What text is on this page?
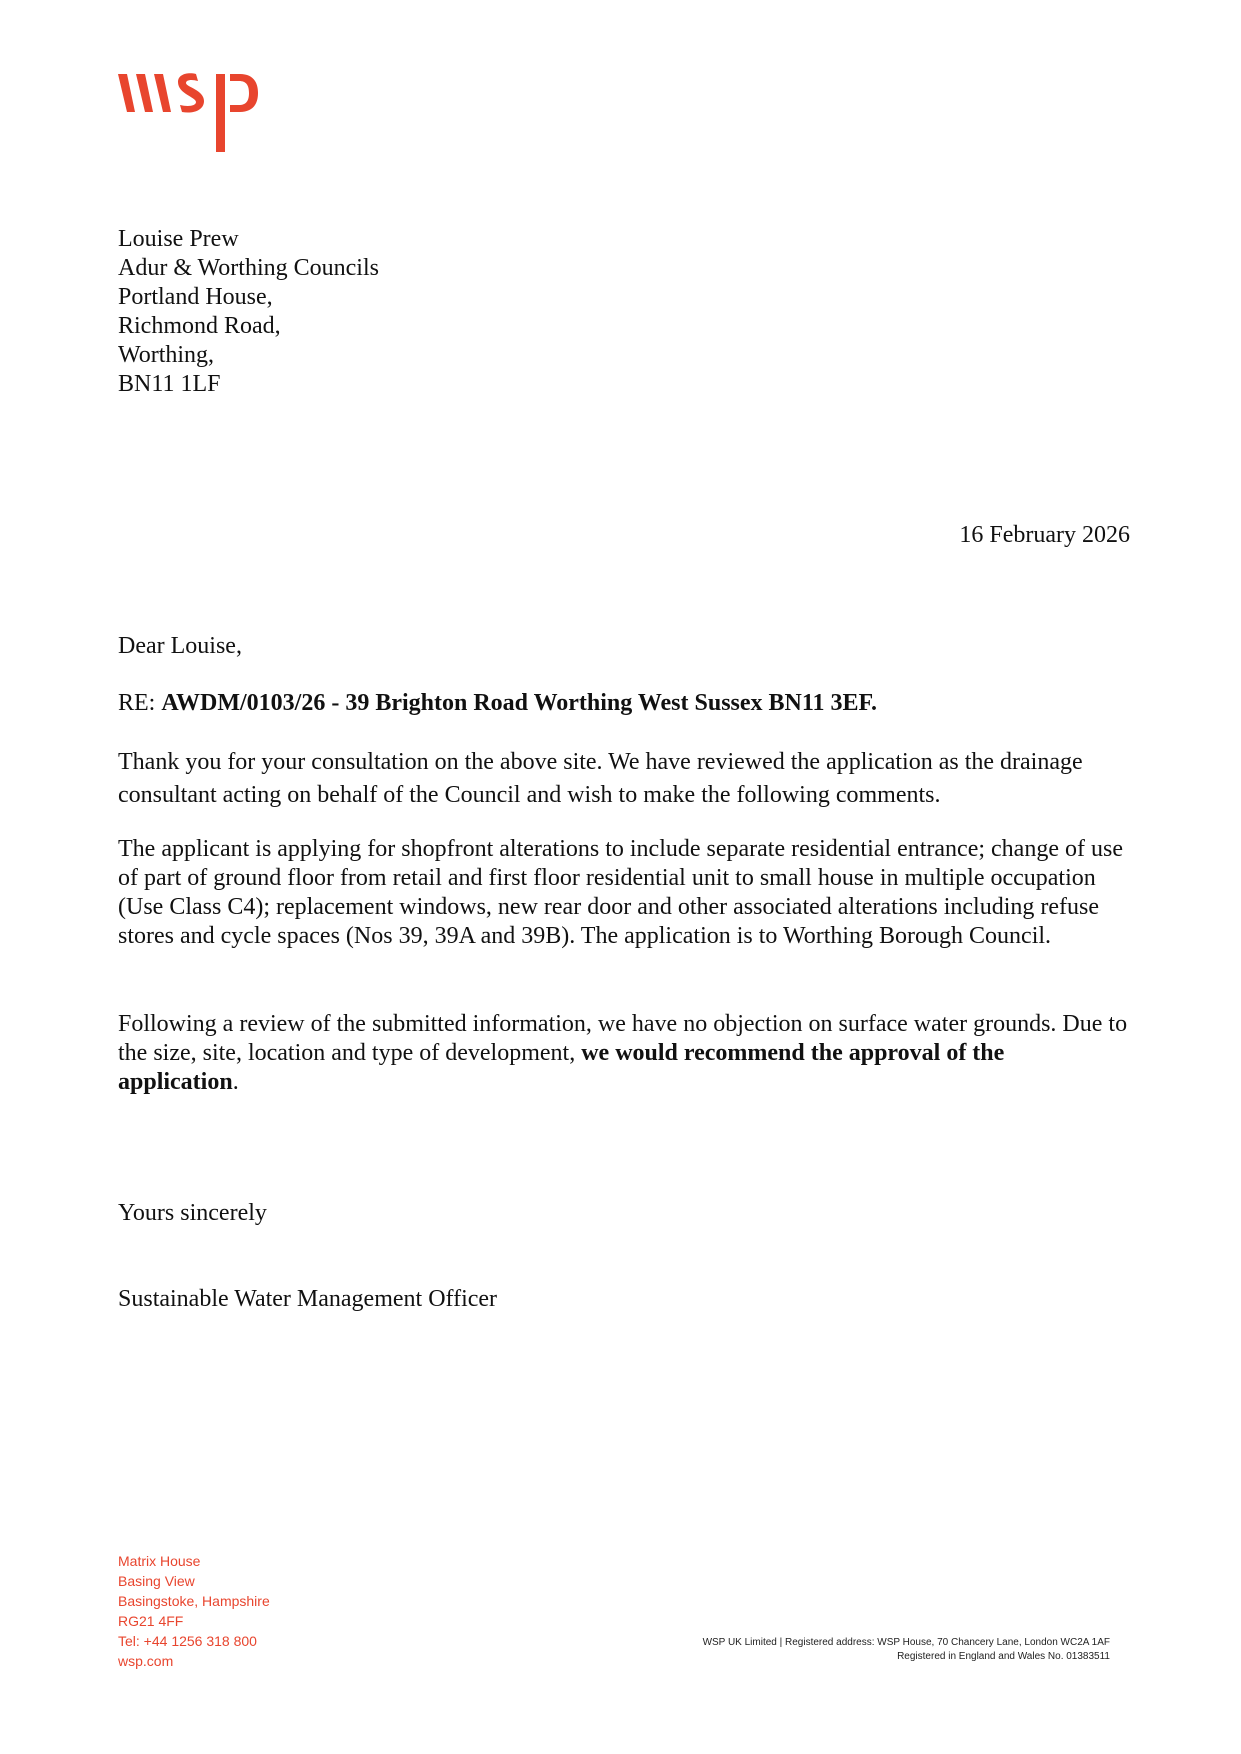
Louise Prew
Adur & Worthing Councils
Portland House,
Richmond Road,
Worthing,
BN11 1LF
16 February 2026
Dear Louise,
RE: AWDM/0103/26 - 39 Brighton Road Worthing West Sussex BN11 3EF.

Thank you for your consultation on the above site. We have reviewed the application as the drainage consultant acting on behalf of the Council and wish to make the following comments.

The applicant is applying for shopfront alterations to include separate residential entrance; change of use of part of ground floor from retail and first floor residential unit to small house in multiple occupation (Use Class C4); replacement windows, new rear door and other associated alterations including refuse stores and cycle spaces (Nos 39, 39A and 39B). The application is to Worthing Borough Council.

Following a review of the submitted information, we have no objection on surface water grounds. Due to the size, site, location and type of development, we would recommend the approval of the application.

Yours sincerely
Sustainable Water Management Officer
Matrix House
Basing View
Basingstoke, Hampshire
RG21 4FF
Tel: +44 1256 318 800
wsp.com
WSP UK Limited | Registered address: WSP House, 70 Chancery Lane, London WC2A 1AF
Registered in England and Wales No. 01383511
